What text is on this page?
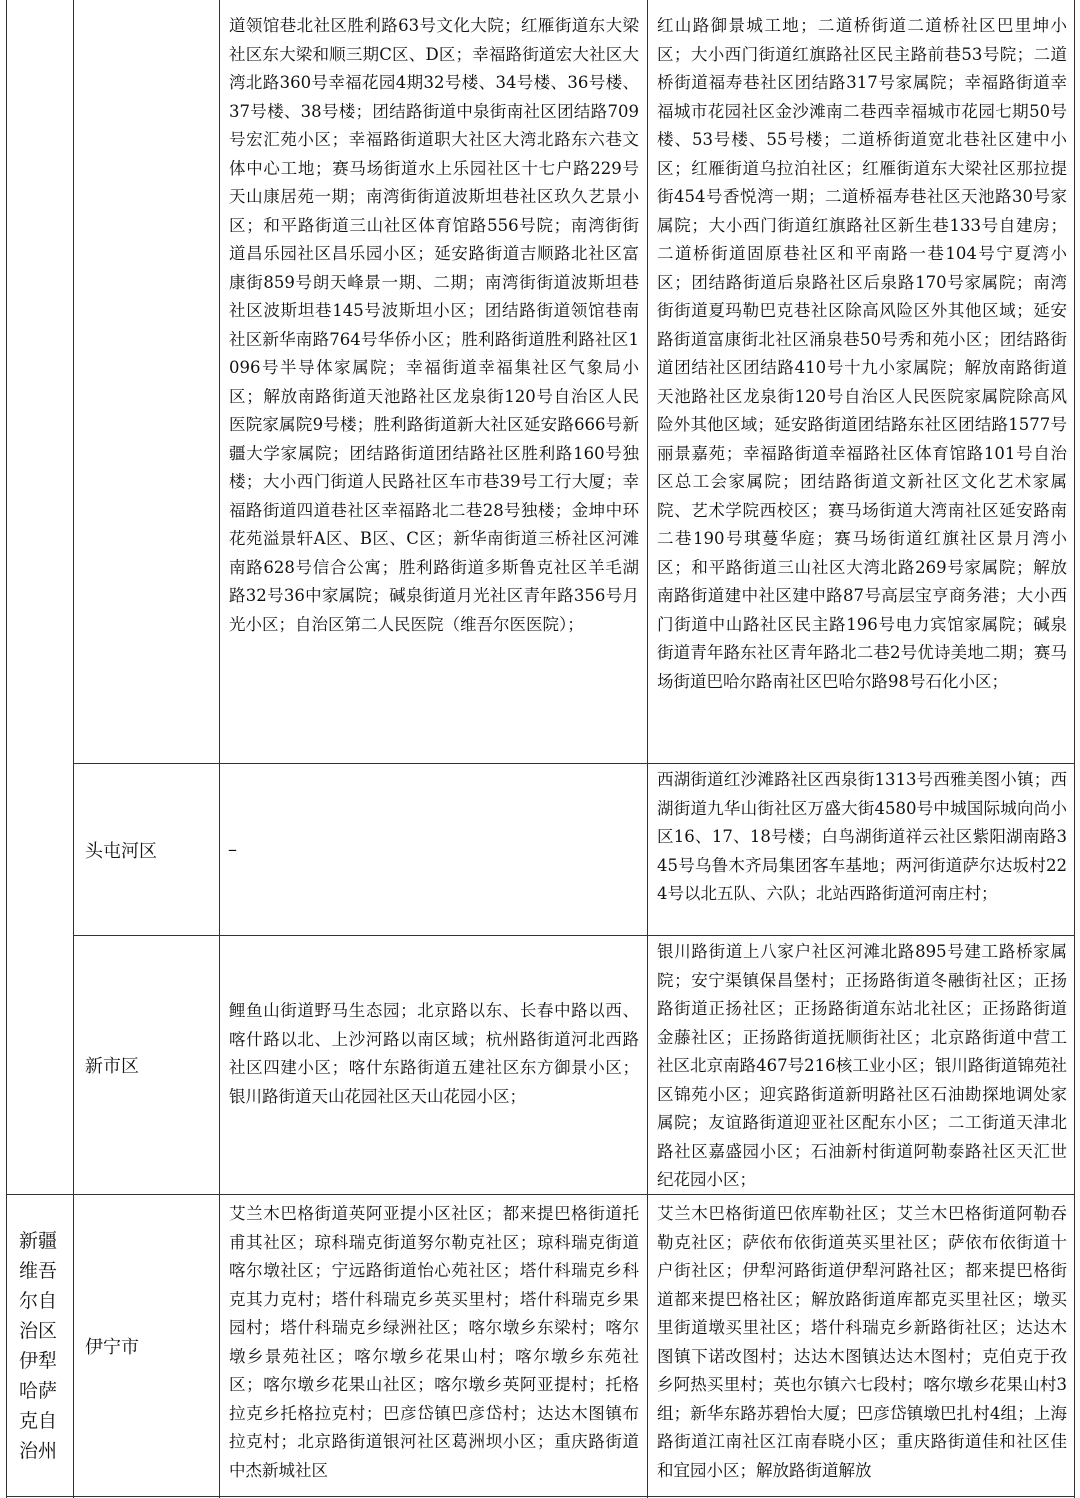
道领馆巷北社区胜利路63号文化大院；红雁街道东大梁社区东大梁和顺三期C区、D区；幸福路街道宏大社区大湾北路360号幸福花园4期32号楼、34号楼、36号楼、37号楼、38号楼；团结路街道中泉街南社区团结路709号宏汇苑小区；幸福路街道职大社区大湾北路东六巷文体中心工地；赛马场街道水上乐园社区十七户路229号天山康居苑一期；南湾街街道波斯坦巷社区玖久艺景小区；和平路街道三山社区体育馆路556号院；南湾街街道昌乐园社区昌乐园小区；延安路街道吉顺路北社区富康街859号朗天峰景一期、二期；南湾街街道波斯坦巷社区波斯坦巷145号波斯坦小区；团结路街道领馆巷南社区新华南路764号华侨小区；胜利路街道胜利路社区1096号半导体家属院；幸福街道幸福集社区气象局小区；解放南路街道天池路社区龙泉街120号自治区人民医院家属院9号楼；胜利路街道新大社区延安路666号新疆大学家属院；团结路街道团结路社区胜利路160号独楼；大小西门街道人民路社区车市巷39号工行大厦；幸福路街道四道巷社区幸福路北二巷28号独楼；金坤中环花苑溢景轩A区、B区、C区；新华南街道三桥社区河滩南路628号信合公寓；胜利路街道多斯鲁克社区羊毛湖路32号36中家属院；碱泉街道月光社区青年路356号月光小区；自治区第二人民医院（维吾尔医医院）；
红山路御景城工地；二道桥街道二道桥社区巴里坤小区；大小西门街道红旗路社区民主路前巷53号院；二道桥街道福寿巷社区团结路317号家属院；幸福路街道幸福城市花园社区金沙滩南二巷西幸福城市花园七期50号楼、53号楼、55号楼；二道桥街道宽北巷社区建中小区；红雁街道乌拉泊社区；红雁街道东大梁社区那拉提街454号香悦湾一期；二道桥福寿巷社区天池路30号家属院；大小西门街道红旗路社区新生巷133号自建房；二道桥街道固原巷社区和平南路一巷104号宁夏湾小区；团结路街道后泉路社区后泉路170号家属院；南湾街街道夏玛勒巴克巷社区除高风险区外其他区域；延安路街道富康街北社区涌泉巷50号秀和苑小区；团结路街道团结社区团结路410号十九小家属院；解放南路街道天池路社区龙泉街120号自治区人民医院家属院除高风险外其他区域；延安路街道团结路东社区团结路1577号丽景嘉苑；幸福路街道幸福路社区体育馆路101号自治区总工会家属院；团结路街道文新社区文化艺术家属院、艺术学院西校区；赛马场街道大湾南社区延安路南二巷190号琪蔓华庭；赛马场街道红旗社区景月湾小区；和平路街道三山社区大湾北路269号家属院；解放南路街道建中社区建中路87号高层宝亨商务港；大小西门街道中山路社区民主路196号电力宾馆家属院；碱泉街道青年路东社区青年路北二巷2号优诗美地二期；赛马场街道巴哈尔路南社区巴哈尔路98号石化小区；
头屯河区	–
西湖街道红沙滩路社区西泉街1313号西雅美图小镇；西湖街道九华山街社区万盛大街4580号中城国际城向尚小区16、17、18号楼；白鸟湖街道祥云社区紫阳湖南路345号乌鲁木齐局集团客车基地；两河街道萨尔达坂村224号以北五队、六队；北站西路街道河南庄村；
新市区
鲤鱼山街道野马生态园；北京路以东、长春中路以西、喀什路以北、上沙河路以南区域；杭州路街道河北西路社区四建小区；喀什东路街道五建社区东方御景小区；银川路街道天山花园社区天山花园小区；
银川路街道上八家户社区河滩北路895号建工路桥家属院；安宁渠镇保昌堡村；正扬路街道冬融街社区；正扬路街道正扬社区；正扬路街道东站北社区；正扬路街道金藤社区；正扬路街道抚顺街社区；北京路街道中营工社区北京南路467号216核工业小区；银川路街道锦苑社区锦苑小区；迎宾路街道新明路社区石油勘探地调处家属院；友谊路街道迎亚社区配东小区；二工街道天津北路社区嘉盛园小区；石油新村街道阿勒泰路社区天汇世纪花园小区；
新疆维吾尔自治区伊犁哈萨克自治州
伊宁市
艾兰木巴格街道英阿亚提小区社区；都来提巴格街道托甫其社区；琼科瑞克街道努尔勒克社区；琼科瑞克街道喀尔墩社区；宁远路街道怡心苑社区；塔什科瑞克乡科克其力克村；塔什科瑞克乡英买里村；塔什科瑞克乡果园村；塔什科瑞克乡绿洲社区；喀尔墩乡东梁村；喀尔墩乡景苑社区；喀尔墩乡花果山村；喀尔墩乡东苑社区；喀尔墩乡花果山社区；喀尔墩乡英阿亚提村；托格拉克乡托格拉克村；巴彦岱镇巴彦岱村；达达木图镇布拉克村；北京路街道银河社区葛洲坝小区；重庆路街道中杰新城社区
艾兰木巴格街道巴依库勒社区；艾兰木巴格街道阿勒吞勒克社区；萨依布依街道英买里社区；萨依布依街道十户街社区；伊犁河路街道伊犁河路社区；都来提巴格街道都来提巴格社区；解放路街道库都克买里社区；墩买里街道墩买里社区；塔什科瑞克乡新路街社区；达达木图镇下诺改图村；达达木图镇达达木图村；克伯克于孜乡阿热买里村；英也尔镇六七段村；喀尔墩乡花果山村3组；新华东路苏碧怡大厦；巴彦岱镇墩巴扎村4组；上海路街道江南社区江南春晓小区；重庆路街道佳和社区佳和宜园小区；解放路街道解放
